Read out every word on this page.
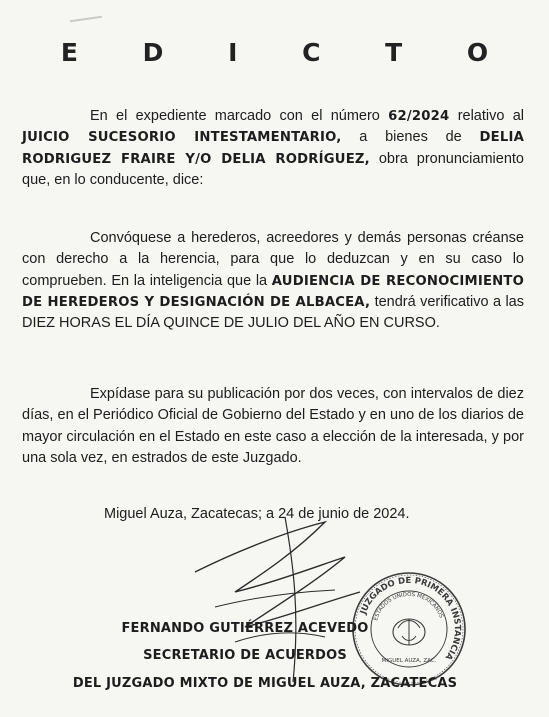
E D I C T O
En el expediente marcado con el número 62/2024 relativo al JUICIO SUCESORIO INTESTAMENTARIO, a bienes de DELIA RODRIGUEZ FRAIRE Y/O DELIA RODRÍGUEZ, obra pronunciamiento que, en lo conducente, dice:
Convóquese a herederos, acreedores y demás personas créanse con derecho a la herencia, para que lo deduzcan y en su caso lo comprueben. En la inteligencia que la AUDIENCIA DE RECONOCIMIENTO DE HEREDEROS Y DESIGNACIÓN DE ALBACEA, tendrá verificativo a las DIEZ HORAS EL DÍA QUINCE DE JULIO DEL AÑO EN CURSO.
Expídase para su publicación por dos veces, con intervalos de diez días, en el Periódico Oficial de Gobierno del Estado y en uno de los diarios de mayor circulación en el Estado en este caso a elección de la interesada, y por una sola vez, en estrados de este Juzgado.
Miguel Auza, Zacatecas; a 24 de junio de 2024.
JUZGADO DE PRIMERA INSTANCIA
ESTADOS UNIDOS MEXICANOS
MIGUEL AUZA, ZAC.
FERNANDO GUTIÉRREZ ACEVEDO
SECRETARIO DE ACUERDOS
DEL JUZGADO MIXTO DE MIGUEL AUZA, ZACATECAS
